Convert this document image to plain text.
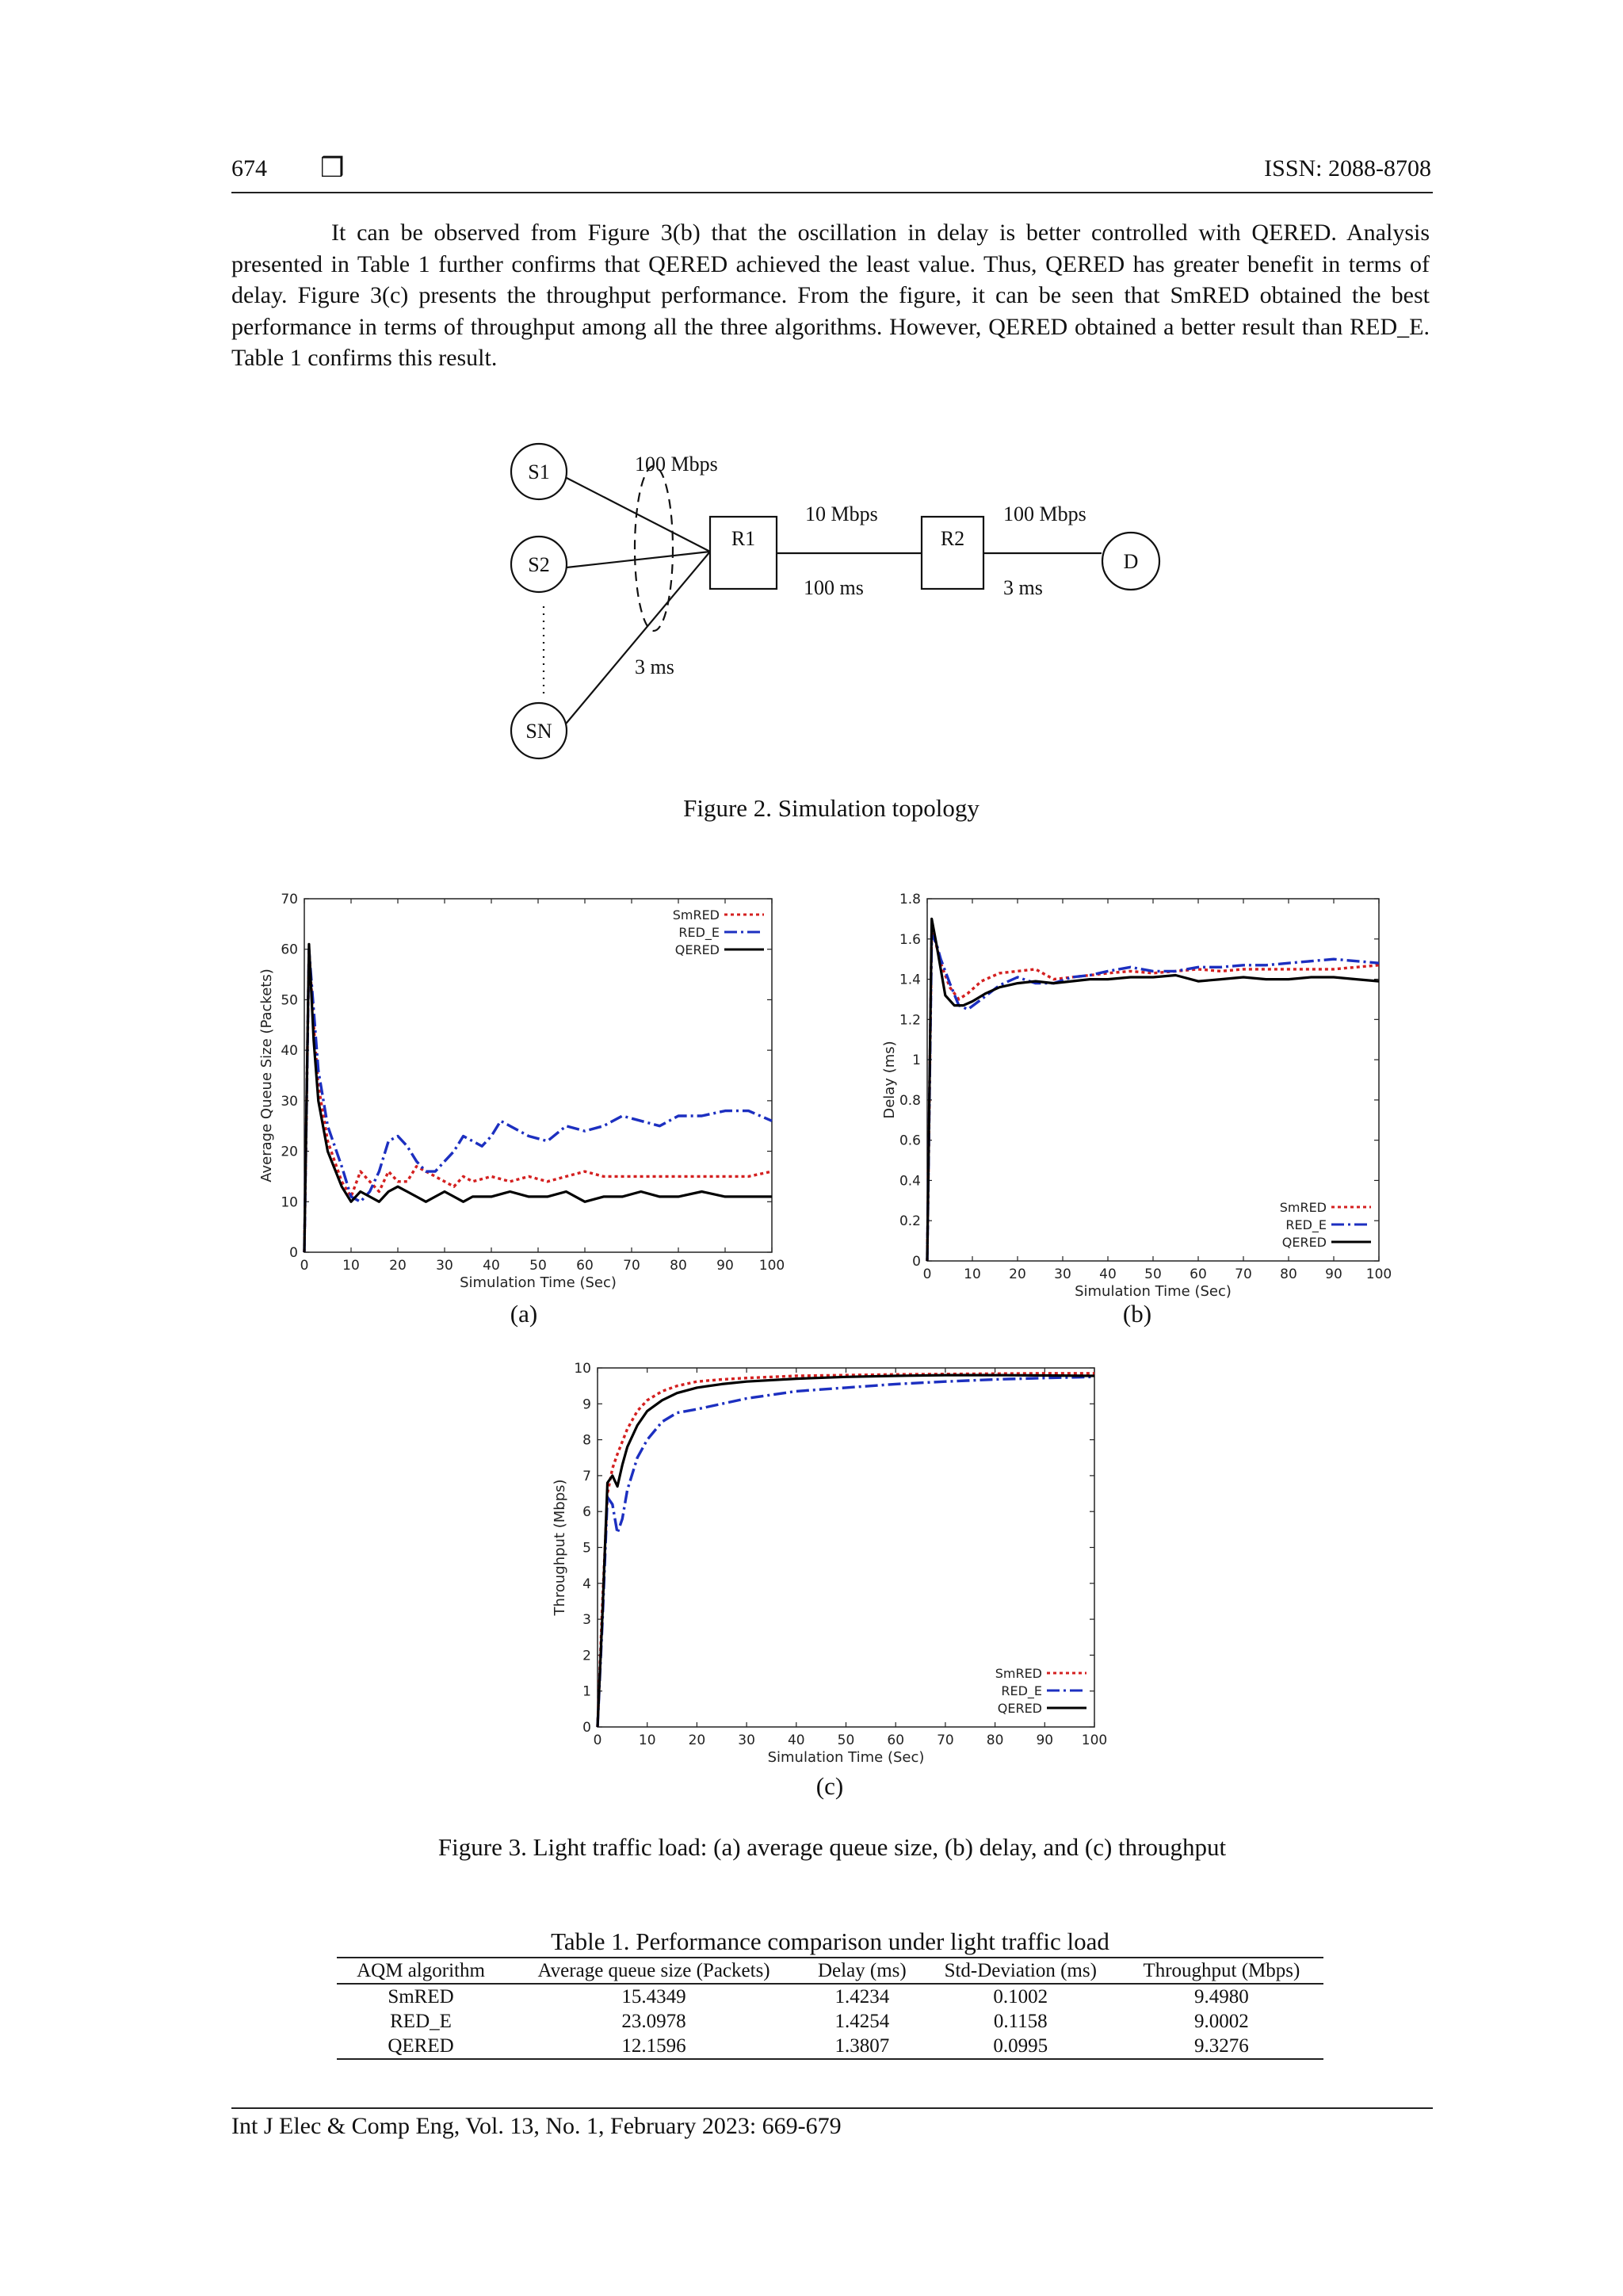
674 ❒	ISSN: 2088-8708

It can be observed from Figure 3(b) that the oscillation in delay is better controlled with QERED. Analysis presented in Table 1 further confirms that QERED achieved the least value. Thus, QERED has greater benefit in terms of delay. Figure 3(c) presents the throughput performance. From the figure, it can be seen that SmRED obtained the best performance in terms of throughput among all the three algorithms. However, QERED obtained a better result than RED_E. Table 1 confirms this result.

S1
S2
SN
R1	R2
D
100 Mbps
3 ms
10 Mbps
100 ms
100 Mbps
3 ms
Figure 2. Simulation topology
0	10 20 30 40 50 60 70 80 90 100
0
10
20
30
40
50
60
70
Simulation Time (Sec)
Average Queue Size (Packets)
SmRED
RED_E
QERED
(a)
0 10 20 30 40 50 60 70 80 90 100
0
0.2
0.4
0.6
0.8
1
1.2
1.4
1.6
1.8
Simulation Time (Sec)
Delay (ms)
SmRED
RED_E
QERED
(b)
0	10 20 30 40 50 60 70 80 90 100
0
1
2
3
4
5
6
7
8
9
10
Simulation Time (Sec)
Throughput (Mbps)
SmRED
RED_E
QERED
(c)
Figure 3. Light traffic load: (a) average queue size, (b) delay, and (c) throughput
Table 1. Performance comparison under light traffic load
AQM algorithm	Average queue size (Packets)	Delay (ms)	Std-Deviation (ms)	Throughput (Mbps)
SmRED	15.4349	1.4234	0.1002	9.4980
RED_E	23.0978	1.4254	0.1158	9.0002
QERED	12.1596	1.3807	0.0995	9.3276
Int J Elec & Comp Eng, Vol. 13, No. 1, February 2023: 669-679
